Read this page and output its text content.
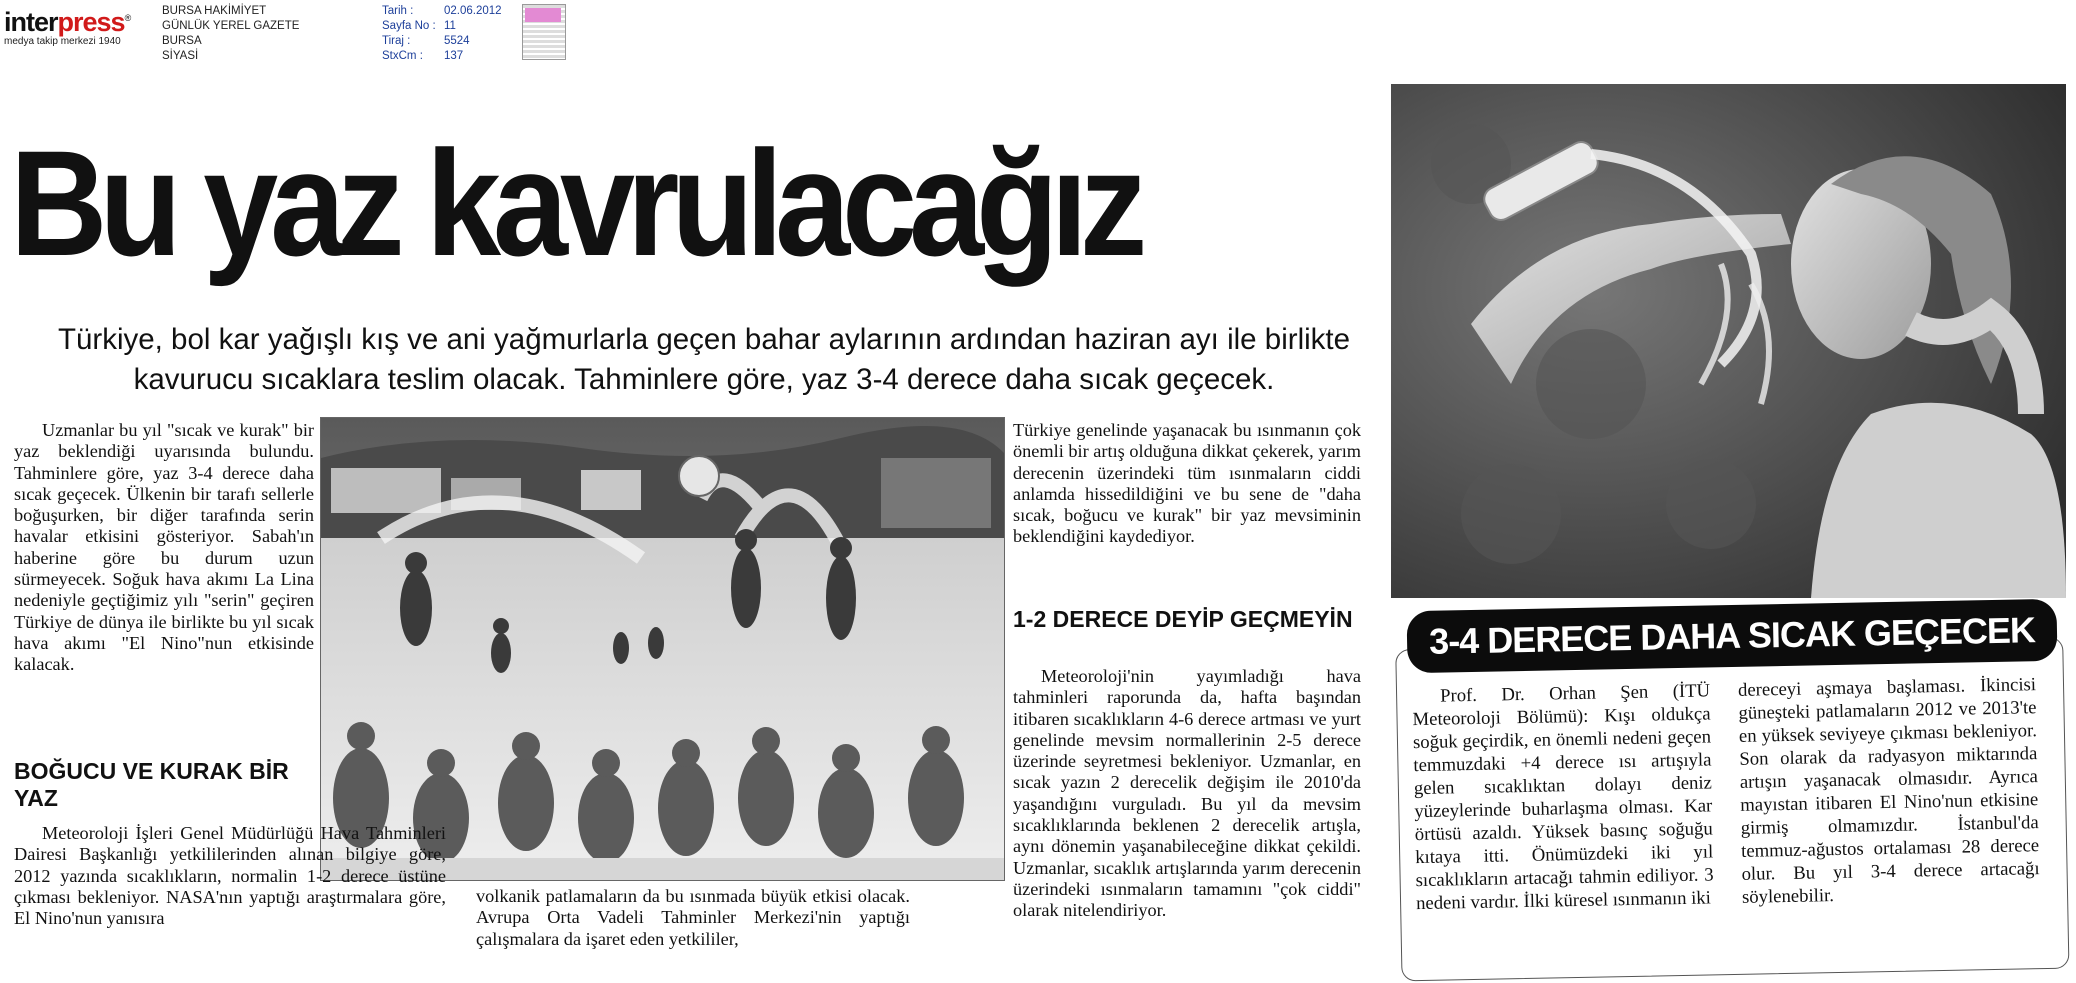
interpress®
medya takip merkezi 1940
BURSA HAKİMİYET
GÜNLÜK YEREL GAZETE
BURSA
SİYASİ
Tarih :	02.06.2012
Sayfa No : 11
Tiraj :	5524
StxCm : 137
Bu yaz kavrulacağız
Türkiye, bol kar yağışlı kış ve ani yağmurlarla geçen bahar aylarının ardından haziran ayı ile birlikte kavurucu sıcaklara teslim olacak. Tahminlere göre, yaz 3-4 derece daha sıcak geçecek.

Uzmanlar bu yıl "sıcak ve kurak" bir yaz beklendiği uyarısında bulundu. Tahminlere göre, yaz 3-4 derece daha sıcak geçecek. Ülkenin bir tarafı sellerle boğuşurken, bir diğer tarafında serin havalar etkisini gösteriyor. Sabah'ın haberine göre bu durum uzun sürmeyecek. Soğuk hava akımı La Lina nedeniyle geçtiğimiz yılı "serin" geçiren Türkiye de dünya ile birlikte bu yıl sıcak hava akımı "El Nino"nun etkisinde kalacak.

BOĞUCU VE KURAK BİR YAZ

Meteoroloji İşleri Genel Müdürlüğü Hava Tahminleri Dairesi Başkanlığı yetkililerinden alınan bilgiye göre, 2012 yazında sıcaklıkların, normalin 1-2 derece üstüne çıkması bekleniyor. NASA'nın yaptığı araştırmalara göre, El Nino'nun yanısıra

volkanik patlamaların da bu ısınmada büyük etkisi olacak. Avrupa Orta Vadeli Tahminler Merkezi'nin yaptığı çalışmalara da işaret eden yetkililer,

Türkiye genelinde yaşanacak bu ısınmanın çok önemli bir artış olduğuna dikkat çekerek, yarım derecenin üzerindeki tüm ısınmaların ciddi anlamda hissedildiğini ve bu sene de "daha sıcak, boğucu ve kurak" bir yaz mevsiminin beklendiğini kaydediyor.

1-2 DERECE DEYİP GEÇMEYİN

Meteoroloji'nin yayımladığı hava tahminleri raporunda da, hafta başından itibaren sıcaklıkların 4-6 derece artması ve yurt genelinde mevsim normallerinin 2-5 derece üzerinde seyretmesi bekleniyor. Uzmanlar, en sıcak yazın 2 derecelik değişim ile 2010'da yaşandığını vurguladı. Bu yıl da mevsim sıcaklıklarında beklenen 2 derecelik artışla, aynı dönemin yaşanabileceğine dikkat çekildi. Uzmanlar, sıcaklık artışlarında yarım derecenin üzerindeki ısınmaların tamamını "çok ciddi" olarak nitelendiriyor.

3-4 DERECE DAHA SICAK GEÇECEK

Prof. Dr. Orhan Şen (İTÜ Meteoroloji Bölümü): Kışı oldukça soğuk geçirdik, en önemli nedeni geçen temmuzdaki +4 derece ısı artışıyla gelen sıcaklıktan dolayı deniz yüzeylerinde buharlaşma olması. Kar örtüsü azaldı. Yüksek basınç soğuğu kıtaya itti. Önümüzdeki iki yıl sıcaklıkların artacağı tahmin ediliyor. 3 nedeni vardır. İlki küresel ısınmanın iki

dereceyi aşmaya başlaması. İkincisi güneşteki patlamaların 2012 ve 2013'te en yüksek seviyeye çıkması bekleniyor. Son olarak da radyasyon miktarında artışın yaşanacak olmasıdır. Ayrıca mayıstan itibaren El Nino'nun etkisine girmiş olmamızdır. İstanbul'da temmuz-ağustos ortalaması 28 derece olur. Bu yıl 3-4 derece artacağı söylenebilir.
